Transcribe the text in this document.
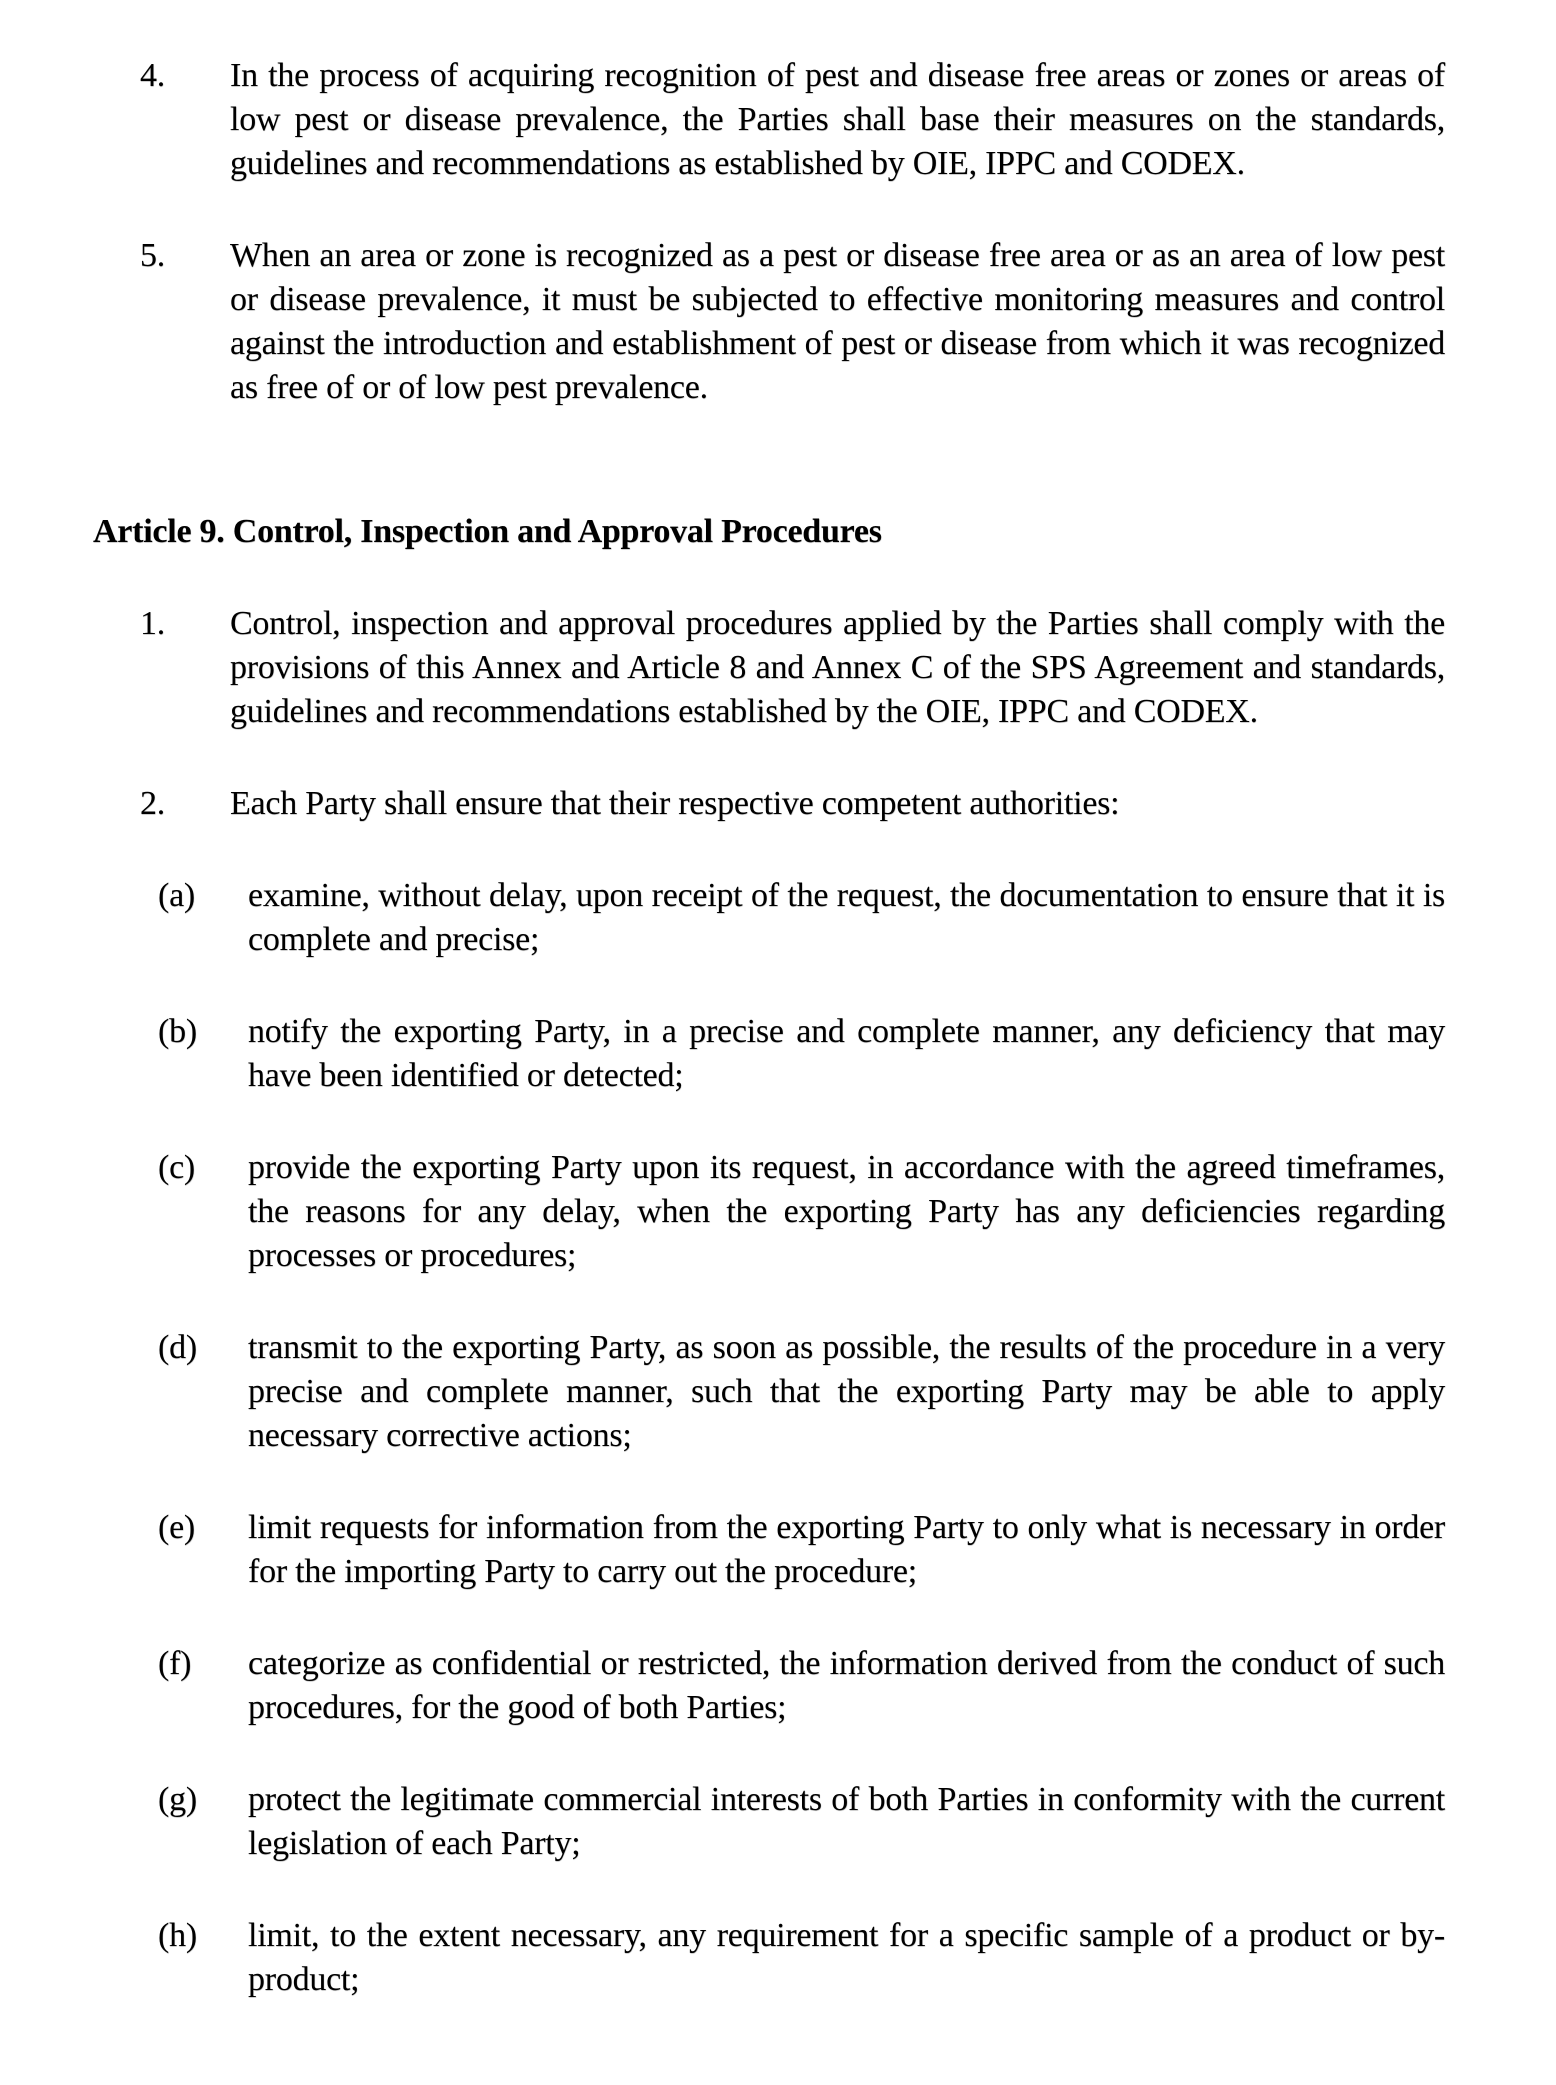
4.	In the process of acquiring recognition of pest and disease free areas or zones or areas of low pest or disease prevalence, the Parties shall base their measures on the standards, guidelines and recommendations as established by OIE, IPPC and CODEX.

5.	When an area or zone is recognized as a pest or disease free area or as an area of low pest or disease prevalence, it must be subjected to effective monitoring measures and control against the introduction and establishment of pest or disease from which it was recognized as free of or of low pest prevalence.

Article 9. Control, Inspection and Approval Procedures
1.	Control, inspection and approval procedures applied by the Parties shall comply with the provisions of this Annex and Article 8 and Annex C of the SPS Agreement and standards, guidelines and recommendations established by the OIE, IPPC and CODEX.

2.	Each Party shall ensure that their respective competent authorities:

(a)	examine, without delay, upon receipt of the request, the documentation to ensure that it is complete and precise;

(b)	notify the exporting Party, in a precise and complete manner, any deficiency that may have been identified or detected;

(c)	provide the exporting Party upon its request, in accordance with the agreed timeframes, the reasons for any delay, when the exporting Party has any deficiencies regarding processes or procedures;

(d)	transmit to the exporting Party, as soon as possible, the results of the procedure in a very precise and complete manner, such that the exporting Party may be able to apply necessary corrective actions;

(e)	limit requests for information from the exporting Party to only what is necessary in order for the importing Party to carry out the procedure;

(f)	categorize as confidential or restricted, the information derived from the conduct of such procedures, for the good of both Parties;

(g)	protect the legitimate commercial interests of both Parties in conformity with the current legislation of each Party;

(h)	limit, to the extent necessary, any requirement for a specific sample of a product or by-product;
